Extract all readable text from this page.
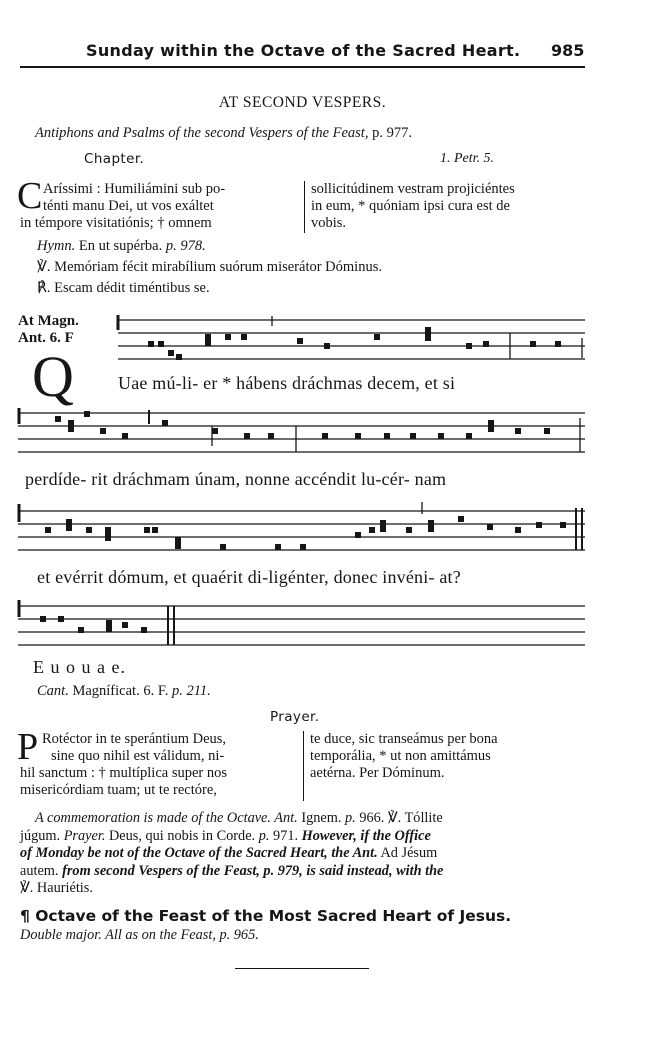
Sunday within the Octave of the Sacred Heart. 985
AT SECOND VESPERS.
Antiphons and Psalms of the second Vespers of the Feast, p. 977.
Chapter.	1. Petr. 5.
C Aríssimi : Humiliámini sub po-
ténti manu Dei, ut vos exáltet
in témpore visitatiónis; † omnem
sollicitúdinem vestram projiciéntes
in eum, * quóniam ipsi cura est de
vobis.
Hymn. En ut supérba. p. 978.
℣. Memóriam fécit mirabílium suórum miserátor Dóminus.
℟. Escam dédit timéntibus se.
At Magn.
Ant. 6. F
Q Uae mú-li- er * hábens dráchmas decem, et si
perdíde- rit dráchmam únam, nonne accéndit lu-cér- nam
et evérrit dómum, et quaérit di-ligénter, donec invéni- at?
E u o u a e.
Cant. Magníficat. 6. F. p. 211.
Prayer.
P Rotéctor in te sperántium Deus,
sine quo nihil est válidum, ni-
hil sanctum : † multíplica super nos
misericórdiam tuam; ut te rectóre,
te duce, sic transeámus per bona
temporália, * ut non amittámus
aetérna. Per Dóminum.
A commemoration is made of the Octave. Ant. Ignem. p. 966. ℣. Tóllite
júgum. Prayer. Deus, qui nobis in Corde. p. 971. However, if the Office
of Monday be not of the Octave of the Sacred Heart, the Ant. Ad Jésum
autem. from second Vespers of the Feast, p. 979, is said instead, with the
℣. Hauriétis.
¶ Octave of the Feast of the Most Sacred Heart of Jesus.
Double major. All as on the Feast, p. 965.
